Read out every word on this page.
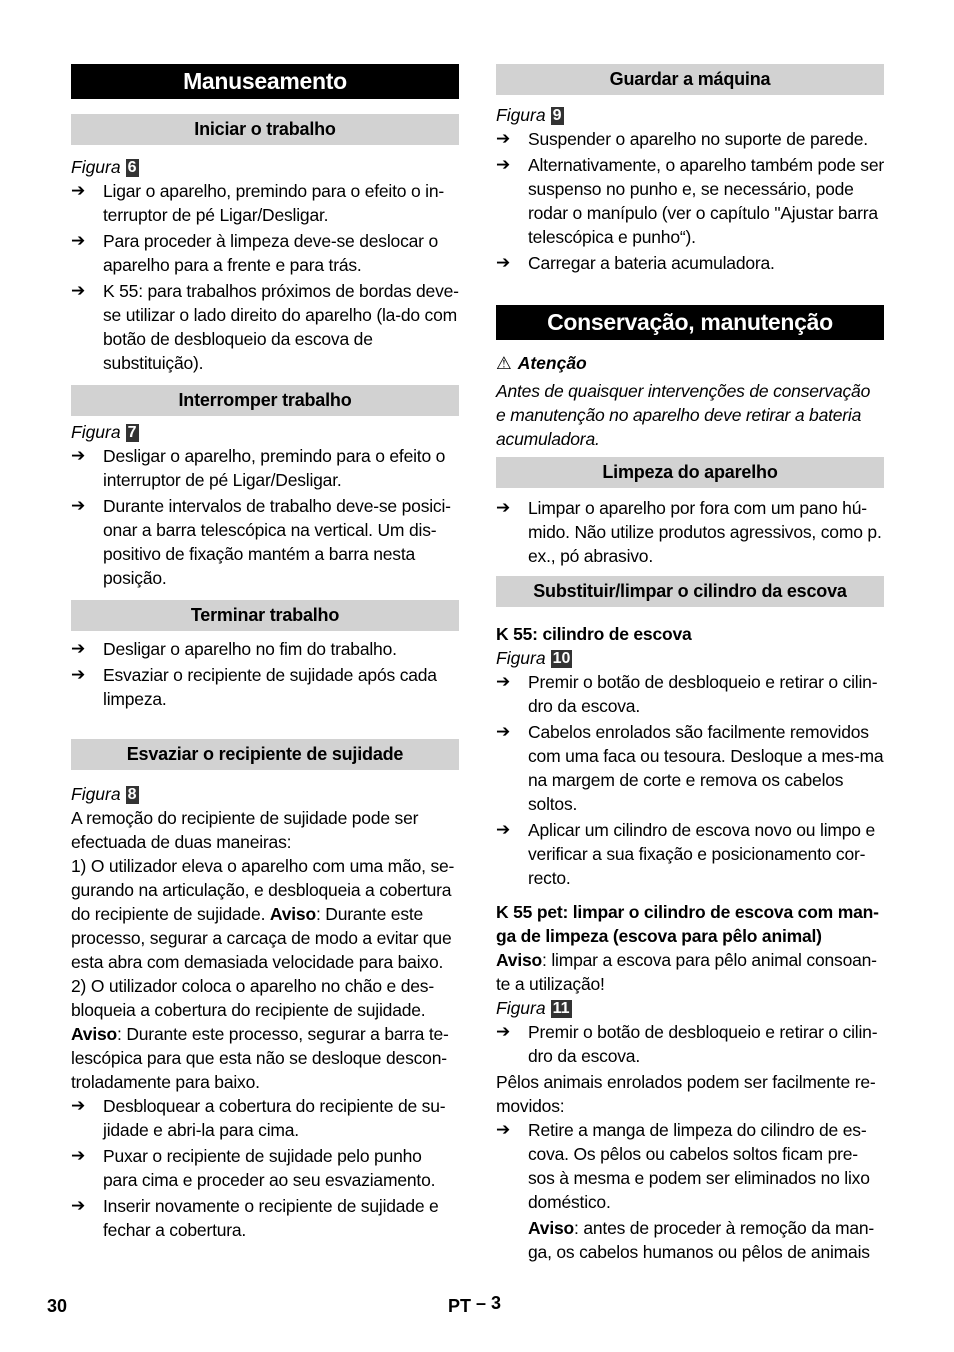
Manuseamento
Iniciar o trabalho
Figura 6
➔	Ligar o aparelho, premindo para o efeito o in-terruptor de pé Ligar/Desligar.
➔	Para proceder à limpeza deve-se deslocar o aparelho para a frente e para trás.
➔	K 55: para trabalhos próximos de bordas deve-se utilizar o lado direito do aparelho (la-do com botão de desbloqueio da escova de substituição).
Interromper trabalho
Figura 7
➔	Desligar o aparelho, premindo para o efeito o interruptor de pé Ligar/Desligar.
➔	Durante intervalos de trabalho deve-se posici-onar a barra telescópica na vertical. Um dis-positivo de fixação mantém a barra nesta posição.
Terminar trabalho
➔	Desligar o aparelho no fim do trabalho.
➔	Esvaziar o recipiente de sujidade após cada limpeza.
Esvaziar o recipiente de sujidade
Figura 8
A remoção do recipiente de sujidade pode ser efectuada de duas maneiras:
1) O utilizador eleva o aparelho com uma mão, se-gurando na articulação, e desbloqueia a cobertura do recipiente de sujidade. Aviso: Durante este processo, segurar a carcaça de modo a evitar que esta abra com demasiada velocidade para baixo.
2) O utilizador coloca o aparelho no chão e des-bloqueia a cobertura do recipiente de sujidade.
Aviso: Durante este processo, segurar a barra te-lescópica para que esta não se desloque descon-troladamente para baixo.
➔	Desbloquear a cobertura do recipiente de su-jidade e abri-la para cima.
➔	Puxar o recipiente de sujidade pelo punho para cima e proceder ao seu esvaziamento.
➔	Inserir novamente o recipiente de sujidade e fechar a cobertura.
Guardar a máquina
Figura 9
➔	Suspender o aparelho no suporte de parede.
➔	Alternativamente, o aparelho também pode ser suspenso no punho e, se necessário, pode rodar o manípulo (ver o capítulo "Ajustar barra telescópica e punho“).
➔	Carregar a bateria acumuladora.
Conservação, manutenção
⚠ Atenção
Antes de quaisquer intervenções de conservação e manutenção no aparelho deve retirar a bateria acumuladora.
Limpeza do aparelho
➔	Limpar o aparelho por fora com um pano hú-mido. Não utilize produtos agressivos, como p. ex., pó abrasivo.
Substituir/limpar o cilindro da escova
K 55: cilindro de escova
Figura 10
➔	Premir o botão de desbloqueio e retirar o cilin-dro da escova.
➔	Cabelos enrolados são facilmente removidos com uma faca ou tesoura. Desloque a mes-ma na margem de corte e remova os cabelos soltos.
➔	Aplicar um cilindro de escova novo ou limpo e verificar a sua fixação e posicionamento cor-recto.
K 55 pet: limpar o cilindro de escova com man-ga de limpeza (escova para pêlo animal)
Aviso: limpar a escova para pêlo animal consoan-te a utilização!
Figura 11
➔	Premir o botão de desbloqueio e retirar o cilin-dro da escova.
Pêlos animais enrolados podem ser facilmente re-movidos:
➔	Retire a manga de limpeza do cilindro de es-cova. Os pêlos ou cabelos soltos ficam pre-sos à mesma e podem ser eliminados no lixo doméstico.
Aviso: antes de proceder à remoção da man-ga, os cabelos humanos ou pêlos de animais
30	PT – 3
